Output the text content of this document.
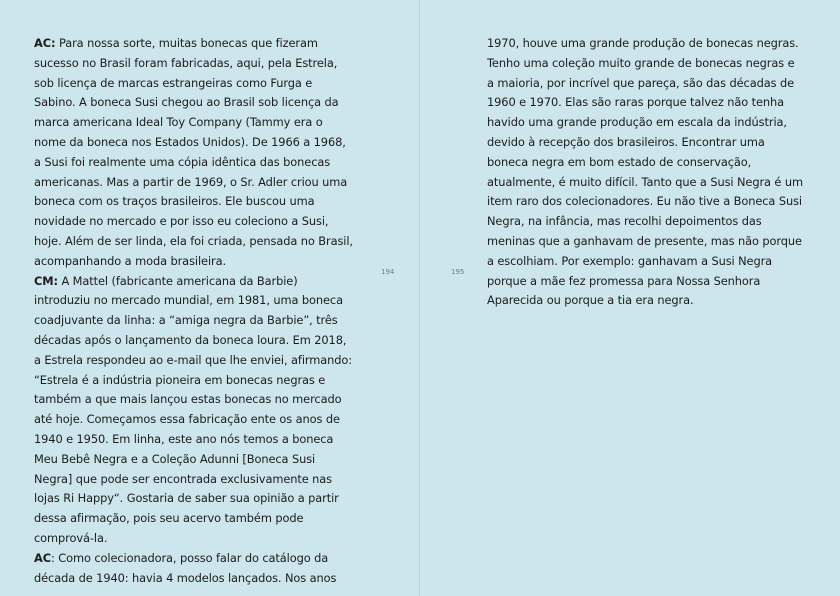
AC: Para nossa sorte, muitas bonecas que fizeram sucesso no Brasil foram fabricadas, aqui, pela Estrela, sob licença de marcas estrangeiras como Furga e Sabino. A boneca Susi chegou ao Brasil sob licença da marca americana Ideal Toy Company (Tammy era o nome da boneca nos Estados Unidos). De 1966 a 1968, a Susi foi realmente uma cópia idêntica das bonecas americanas. Mas a partir de 1969, o Sr. Adler criou uma boneca com os traços brasileiros. Ele buscou uma novidade no mercado e por isso eu coleciono a Susi, hoje. Além de ser linda, ela foi criada, pensada no Brasil, acompanhando a moda brasileira.

CM: A Mattel (fabricante americana da Barbie) introduziu no mercado mundial, em 1981, uma boneca coadjuvante da linha: a “amiga negra da Barbie”, três décadas após o lançamento da boneca loura. Em 2018, a Estrela respondeu ao e-mail que lhe enviei, afirmando: “Estrela é a indústria pioneira em bonecas negras e também a que mais lançou estas bonecas no mercado até hoje. Começamos essa fabricação ente os anos de 1940 e 1950. Em linha, este ano nós temos a boneca Meu Bebê Negra e a Coleção Adunni [Boneca Susi Negra] que pode ser encontrada exclusivamente nas lojas Ri Happy“. Gostaria de saber sua opinião a partir dessa afirmação, pois seu acervo também pode comprová-la.

AC: Como colecionadora, posso falar do catálogo da década de 1940: havia 4 modelos lançados. Nos anos

194	195

1970, houve uma grande produção de bonecas negras. Tenho uma coleção muito grande de bonecas negras e a maioria, por incrível que pareça, são das décadas de 1960 e 1970. Elas são raras porque talvez não tenha havido uma grande produção em escala da indústria, devido à recepção dos brasileiros. Encontrar uma boneca negra em bom estado de conservação, atualmente, é muito difícil. Tanto que a Susi Negra é um item raro dos colecionadores. Eu não tive a Boneca Susi Negra, na infância, mas recolhi depoimentos das meninas que a ganhavam de presente, mas não porque a escolhiam. Por exemplo: ganhavam a Susi Negra porque a mãe fez promessa para Nossa Senhora Aparecida ou porque a tia era negra.
